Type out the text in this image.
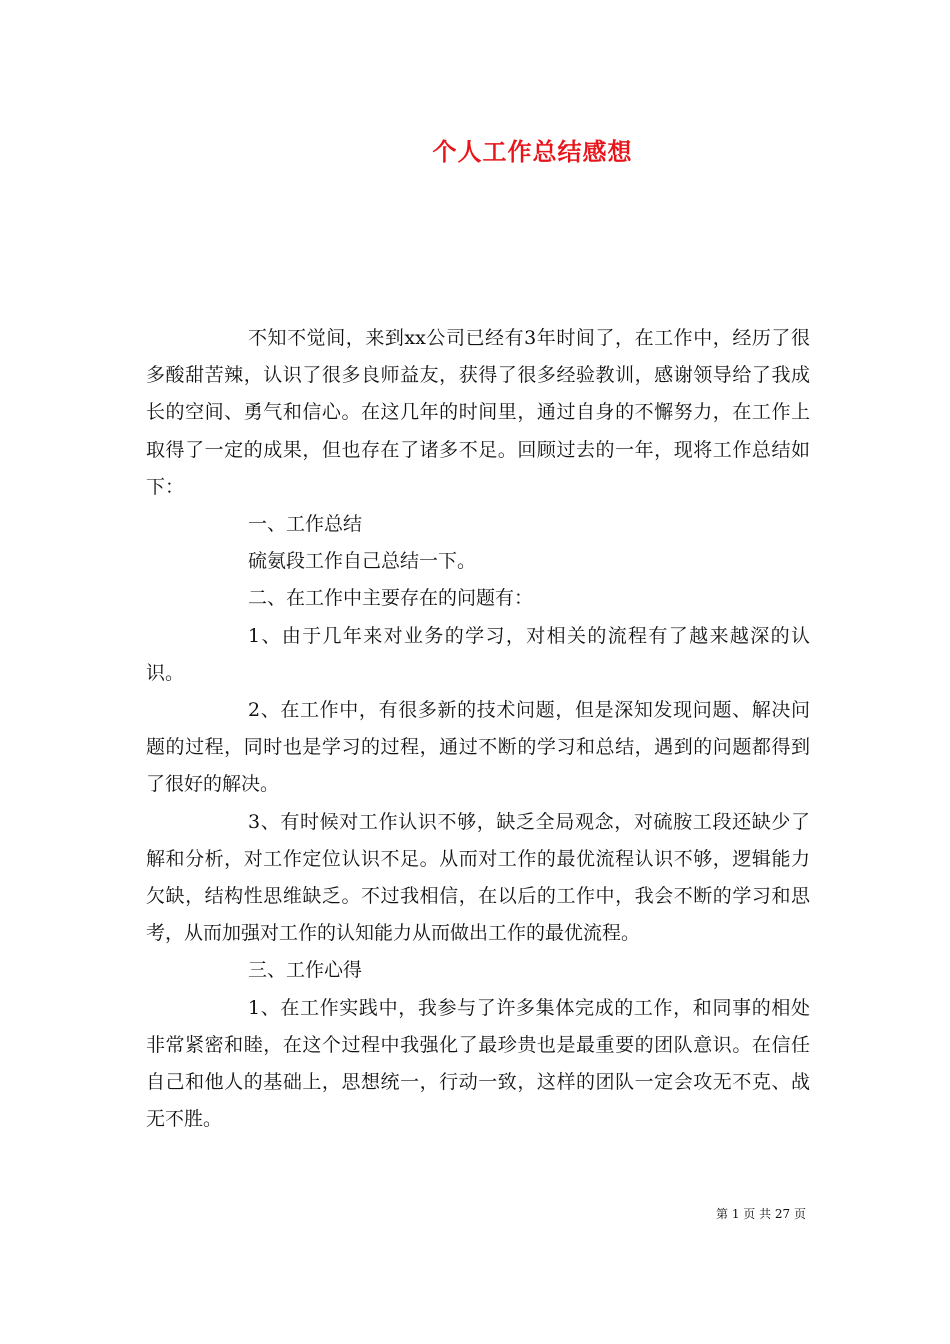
个人工作总结感想

不知不觉间，来到xx公司已经有3年时间了，在工作中，经历了很多酸甜苦辣，认识了很多良师益友，获得了很多经验教训，感谢领导给了我成长的空间、勇气和信心。在这几年的时间里，通过自身的不懈努力，在工作上取得了一定的成果，但也存在了诸多不足。回顾过去的一年，现将工作总结如下：

一、工作总结

硫氨段工作自己总结一下。

二、在工作中主要存在的问题有：

1、由于几年来对业务的学习，对相关的流程有了越来越深的认识。

2、在工作中，有很多新的技术问题，但是深知发现问题、解决问题的过程，同时也是学习的过程，通过不断的学习和总结，遇到的问题都得到了很好的解决。

3、有时候对工作认识不够，缺乏全局观念，对硫胺工段还缺少了解和分析，对工作定位认识不足。从而对工作的最优流程认识不够，逻辑能力欠缺，结构性思维缺乏。不过我相信，在以后的工作中，我会不断的学习和思考，从而加强对工作的认知能力从而做出工作的最优流程。

三、工作心得

1、在工作实践中，我参与了许多集体完成的工作，和同事的相处非常紧密和睦，在这个过程中我强化了最珍贵也是最重要的团队意识。在信任自己和他人的基础上，思想统一，行动一致，这样的团队一定会攻无不克、战无不胜。

第 1 页 共 27 页
